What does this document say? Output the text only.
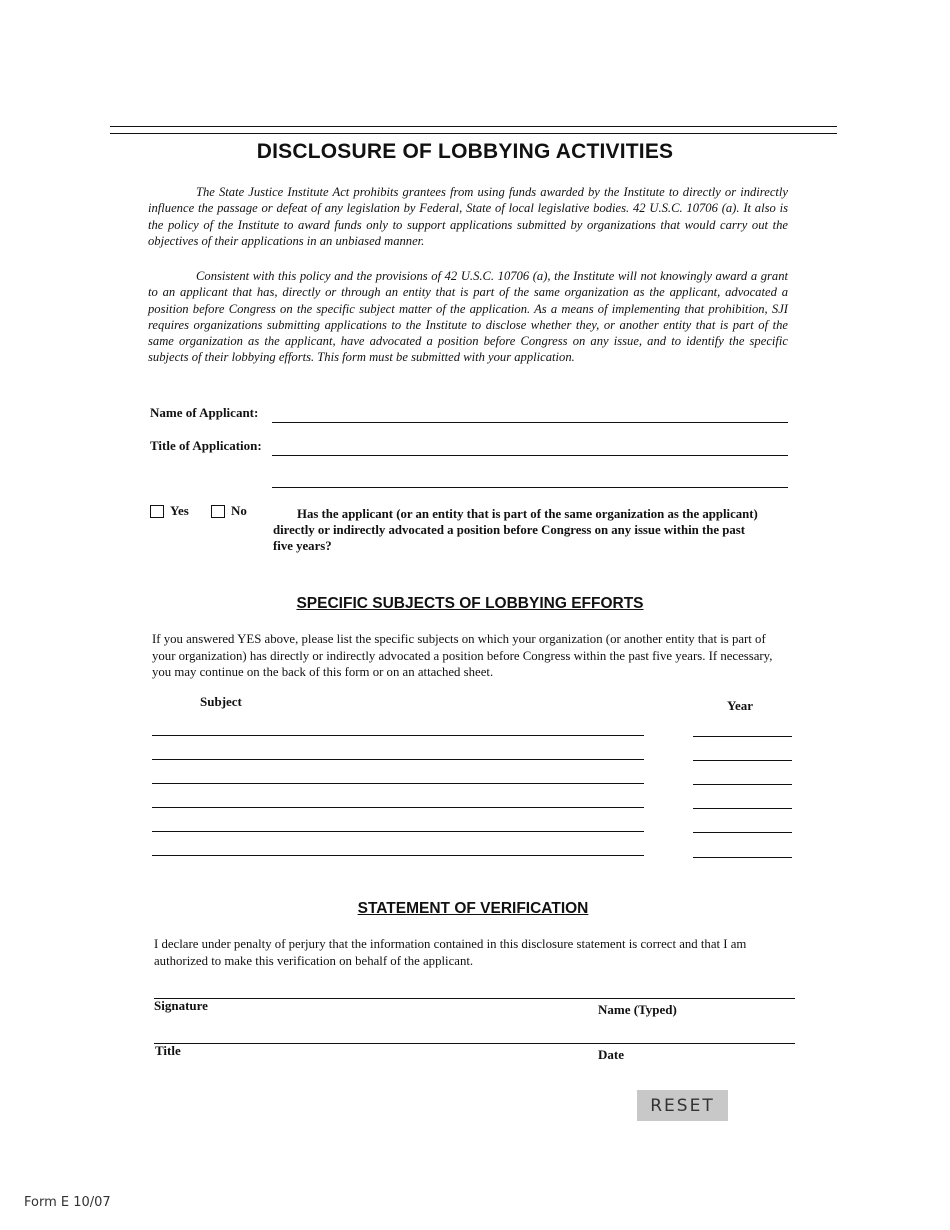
DISCLOSURE OF LOBBYING ACTIVITIES
The State Justice Institute Act prohibits grantees from using funds awarded by the Institute to directly or indirectly influence the passage or defeat of any legislation by Federal, State of local legislative bodies. 42 U.S.C. 10706 (a). It also is the policy of the Institute to award funds only to support applications submitted by organizations that would carry out the objectives of their applications in an unbiased manner.
Consistent with this policy and the provisions of 42 U.S.C. 10706 (a), the Institute will not knowingly award a grant to an applicant that has, directly or through an entity that is part of the same organization as the applicant, advocated a position before Congress on the specific subject matter of the application. As a means of implementing that prohibition, SJI requires organizations submitting applications to the Institute to disclose whether they, or another entity that is part of the same organization as the applicant, have advocated a position before Congress on any issue, and to identify the specific subjects of their lobbying efforts. This form must be submitted with your application.
Name of Applicant:
Title of Application:
Yes	No	Has the applicant (or an entity that is part of the same organization as the applicant) directly or indirectly advocated a position before Congress on any issue within the past five years?
SPECIFIC SUBJECTS OF LOBBYING EFFORTS
If you answered YES above, please list the specific subjects on which your organization (or another entity that is part of your organization) has directly or indirectly advocated a position before Congress within the past five years. If necessary, you may continue on the back of this form or on an attached sheet.
Subject	Year
STATEMENT OF VERIFICATION
I declare under penalty of perjury that the information contained in this disclosure statement is correct and that I am authorized to make this verification on behalf of the applicant.
Signature	Name (Typed)
Title	Date
RESET
Form E 10/07
